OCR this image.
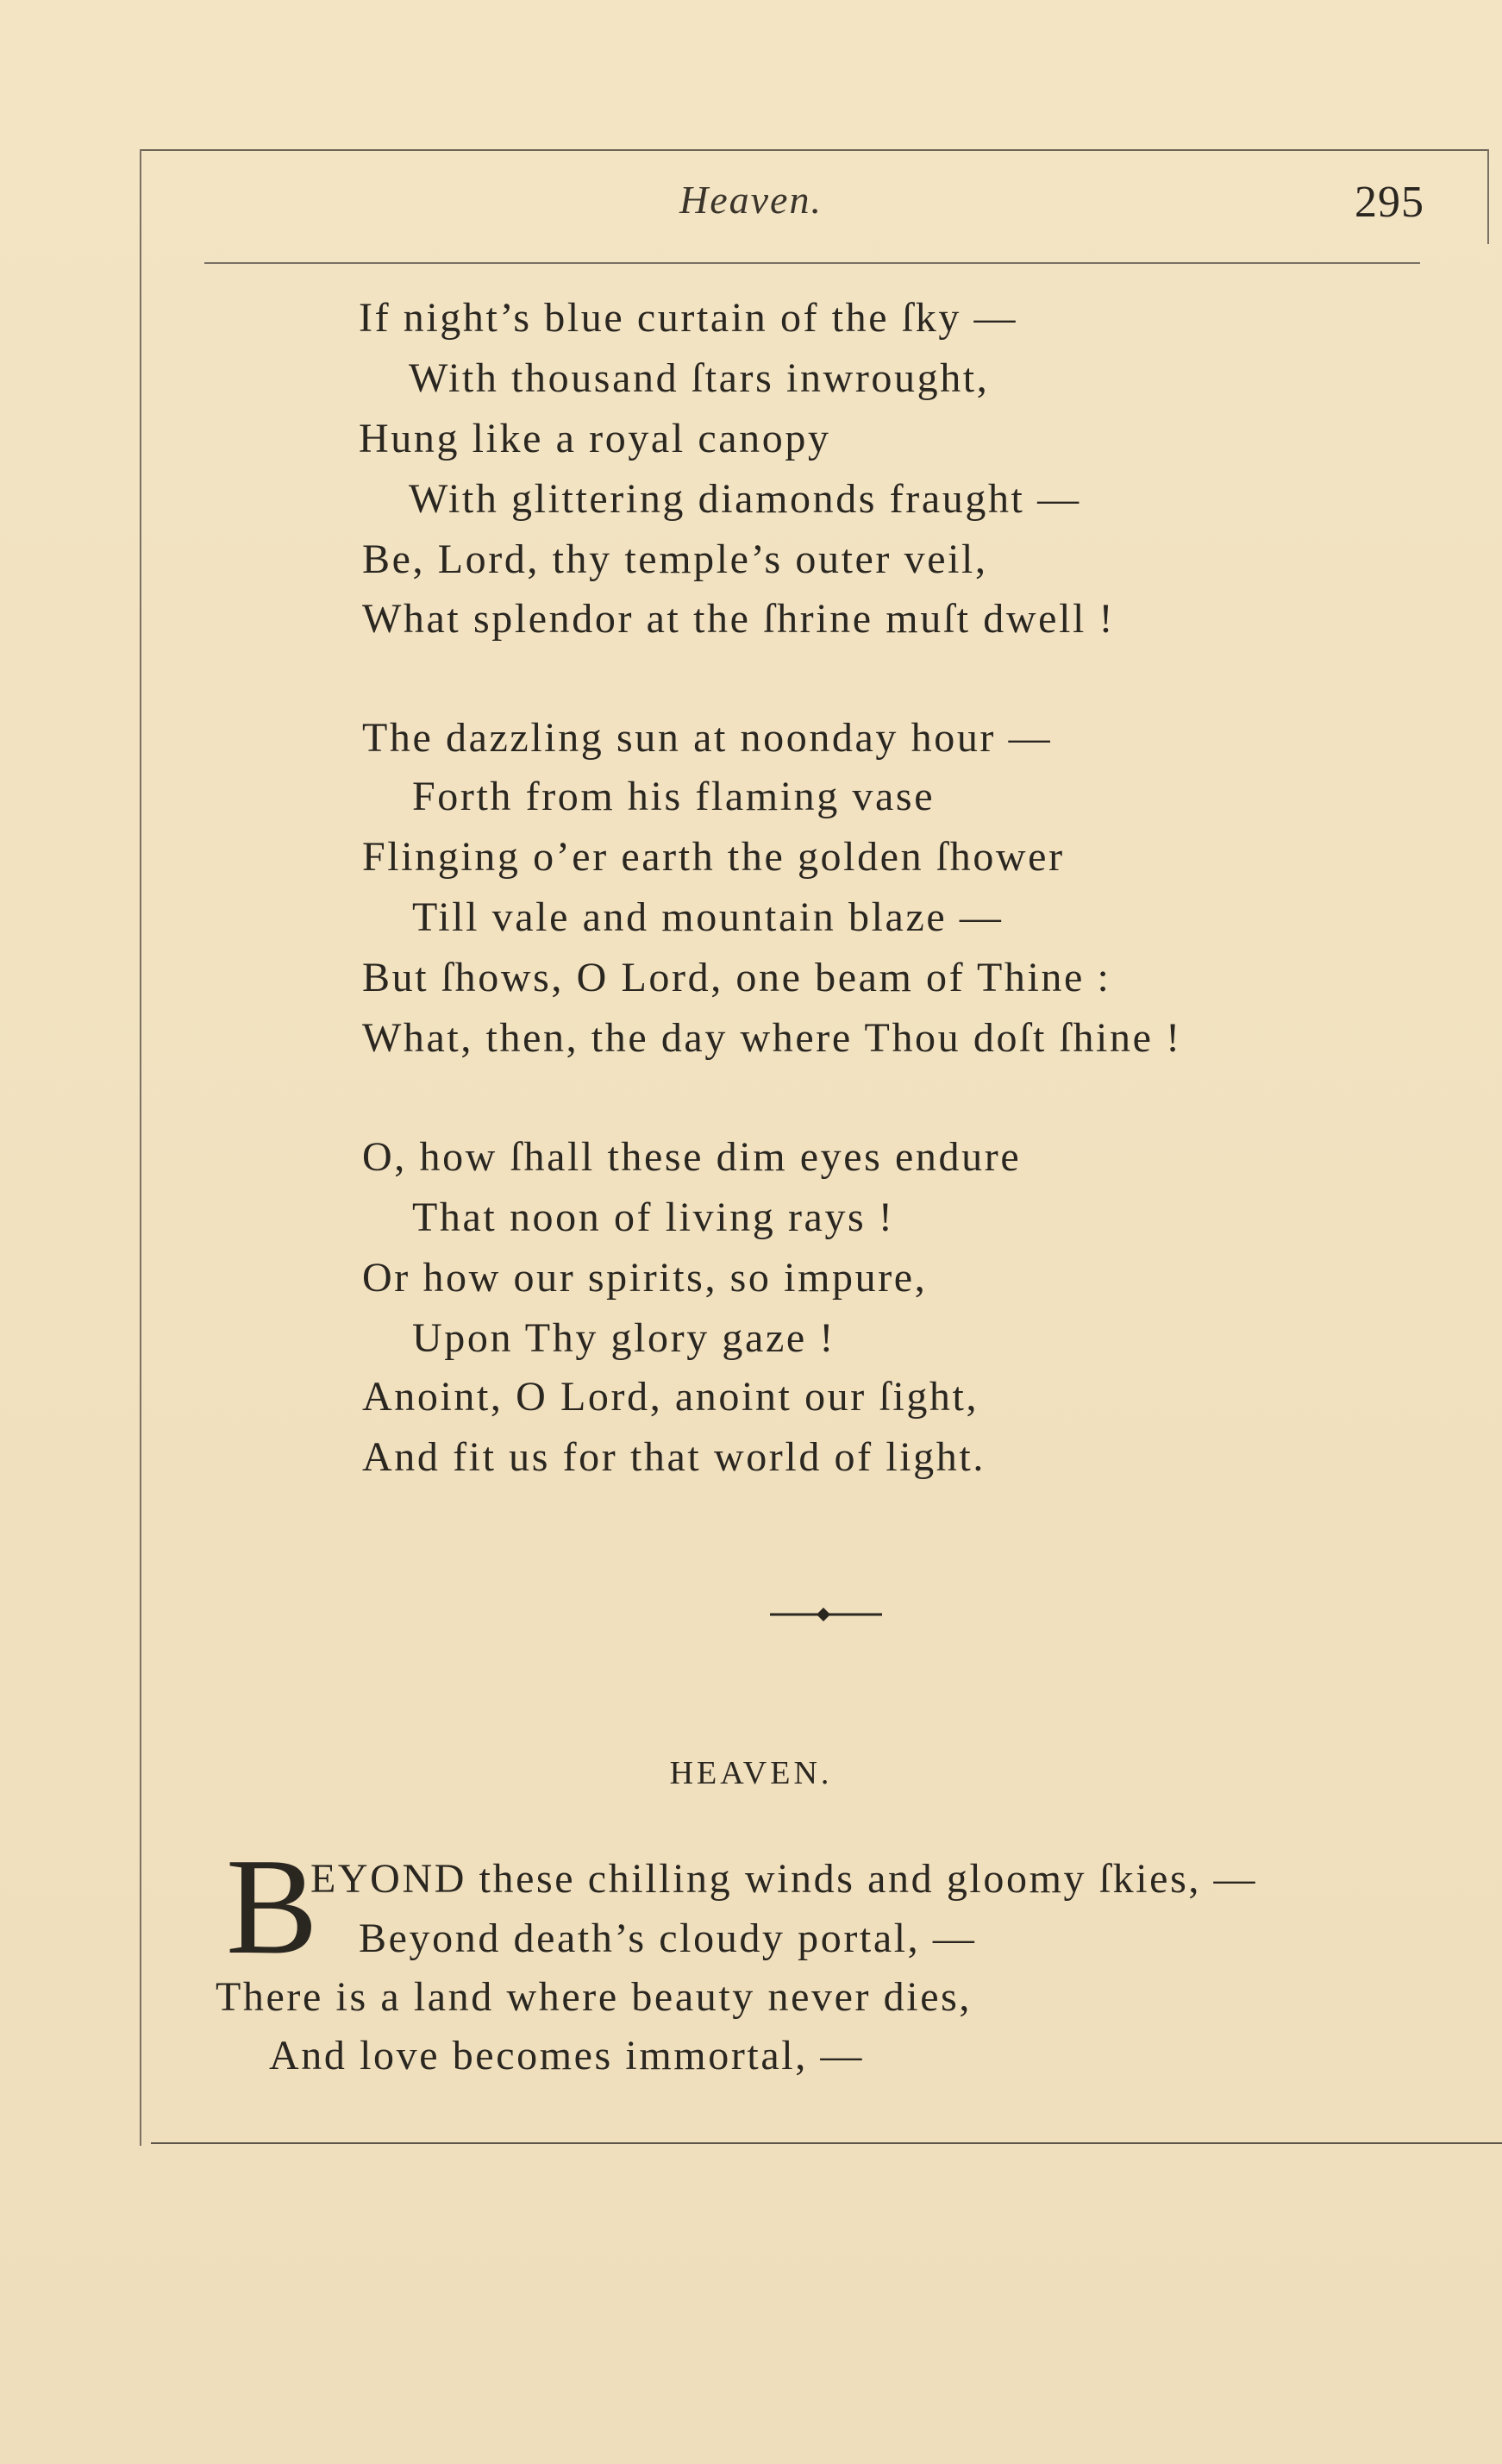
Heaven.	295
If night’s blue curtain of the ſky —
With thousand ſtars inwrought,
Hung like a royal canopy
With glittering diamonds fraught —
Be, Lord, thy temple’s outer veil,
What splendor at the ſhrine muſt dwell !
The dazzling sun at noonday hour —
Forth from his flaming vase
Flinging o’er earth the golden ſhower
Till vale and mountain blaze —
But ſhows, O Lord, one beam of Thine :
What, then, the day where Thou doſt ſhine !
O, how ſhall these dim eyes endure
That noon of living rays !
Or how our spirits, so impure,
Upon Thy glory gaze !
Anoint, O Lord, anoint our ſight,
And fit us for that world of light.
HEAVEN.
B
EYOND these chilling winds and gloomy ſkies, —
Beyond death’s cloudy portal, —
There is a land where beauty never dies,
And love becomes immortal, —
